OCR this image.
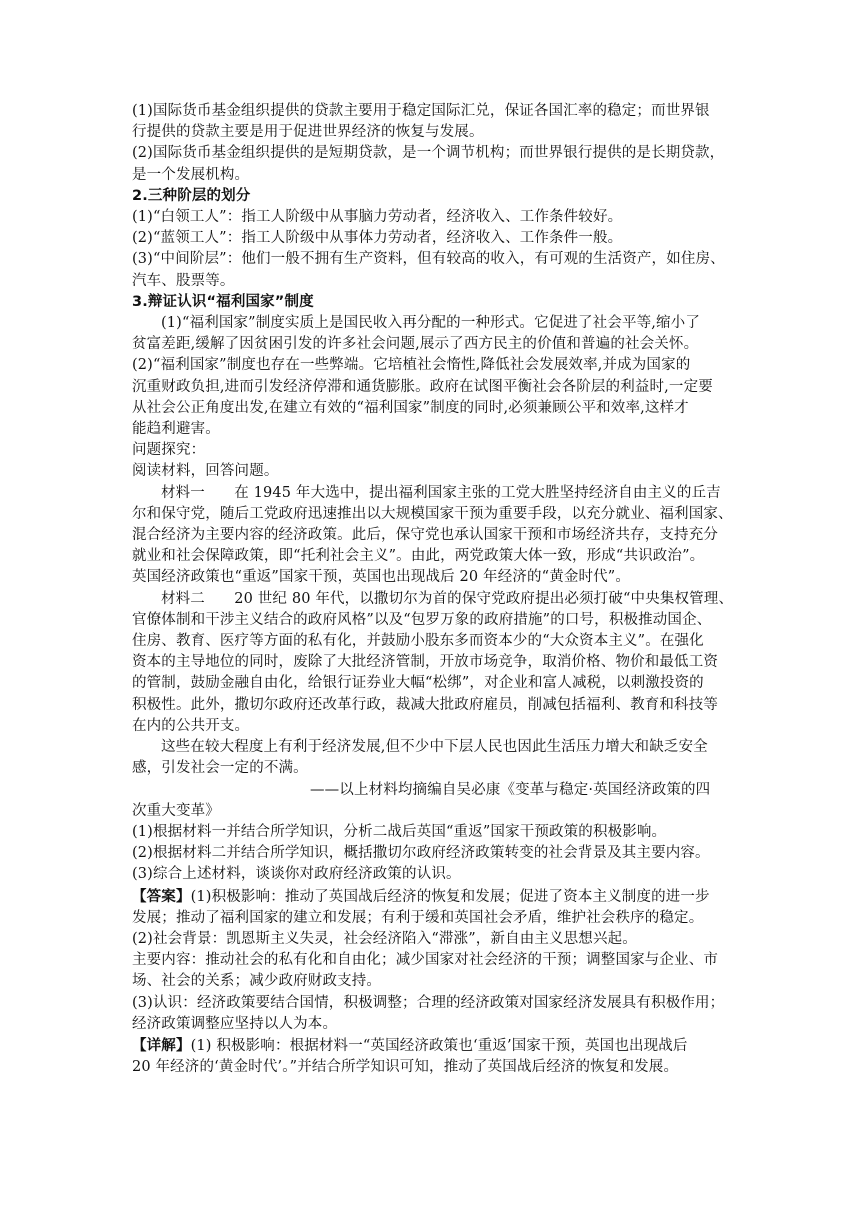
(1)国际货币基金组织提供的贷款主要用于稳定国际汇兑，保证各国汇率的稳定；而世界银
行提供的贷款主要是用于促进世界经济的恢复与发展。
(2)国际货币基金组织提供的是短期贷款，是一个调节机构；而世界银行提供的是长期贷款，
是一个发展机构。
2.三种阶层的划分
(1)“白领工人”：指工人阶级中从事脑力劳动者，经济收入、工作条件较好。
(2)“蓝领工人”：指工人阶级中从事体力劳动者，经济收入、工作条件一般。
(3)“中间阶层”：他们一般不拥有生产资料，但有较高的收入，有可观的生活资产，如住房、
汽车、股票等。
3.辩证认识“福利国家”制度
(1)“福利国家”制度实质上是国民收入再分配的一种形式。它促进了社会平等,缩小了
贫富差距,缓解了因贫困引发的许多社会问题,展示了西方民主的价值和普遍的社会关怀。
(2)“福利国家”制度也存在一些弊端。它培植社会惰性,降低社会发展效率,并成为国家的
沉重财政负担,进而引发经济停滞和通货膨胀。政府在试图平衡社会各阶层的利益时,一定要
从社会公正角度出发,在建立有效的“福利国家”制度的同时,必须兼顾公平和效率,这样才
能趋利避害。
问题探究：
阅读材料，回答问题。
材料一　　在 1945 年大选中，提出福利国家主张的工党大胜坚持经济自由主义的丘吉
尔和保守党，随后工党政府迅速推出以大规模国家干预为重要手段，以充分就业、福利国家、
混合经济为主要内容的经济政策。此后，保守党也承认国家干预和市场经济共存，支持充分
就业和社会保障政策，即“托利社会主义”。由此，两党政策大体一致，形成“共识政治”。
英国经济政策也“重返”国家干预，英国也出现战后 20 年经济的“黄金时代”。
材料二　　20 世纪 80 年代，以撒切尔为首的保守党政府提出必须打破“中央集权管理、
官僚体制和干涉主义结合的政府风格”以及“包罗万象的政府措施”的口号，积极推动国企、
住房、教育、医疗等方面的私有化，并鼓励小股东多而资本少的“大众资本主义”。在强化
资本的主导地位的同时，废除了大批经济管制，开放市场竞争，取消价格、物价和最低工资
的管制，鼓励金融自由化，给银行证券业大幅“松绑”，对企业和富人减税，以刺激投资的
积极性。此外，撒切尔政府还改革行政，裁减大批政府雇员，削减包括福利、教育和科技等
在内的公共开支。
这些在较大程度上有利于经济发展,但不少中下层人民也因此生活压力增大和缺乏安全
感，引发社会一定的不满。
——以上材料均摘编自吴必康《变革与稳定·英国经济政策的四
次重大变革》
(1)根据材料一并结合所学知识，分析二战后英国“重返”国家干预政策的积极影响。
(2)根据材料二并结合所学知识，概括撒切尔政府经济政策转变的社会背景及其主要内容。
(3)综合上述材料，谈谈你对政府经济政策的认识。
【答案】(1)积极影响：推动了英国战后经济的恢复和发展；促进了资本主义制度的进一步
发展；推动了福利国家的建立和发展；有利于缓和英国社会矛盾，维护社会秩序的稳定。
(2)社会背景：凯恩斯主义失灵，社会经济陷入“滞涨”，新自由主义思想兴起。
主要内容：推动社会的私有化和自由化；减少国家对社会经济的干预；调整国家与企业、市
场、社会的关系；减少政府财政支持。
(3)认识：经济政策要结合国情，积极调整；合理的经济政策对国家经济发展具有积极作用；
经济政策调整应坚持以人为本。
【详解】(1) 积极影响：根据材料一“英国经济政策也‘重返’国家干预，英国也出现战后
20 年经济的‘黄金时代’。”并结合所学知识可知，推动了英国战后经济的恢复和发展。
